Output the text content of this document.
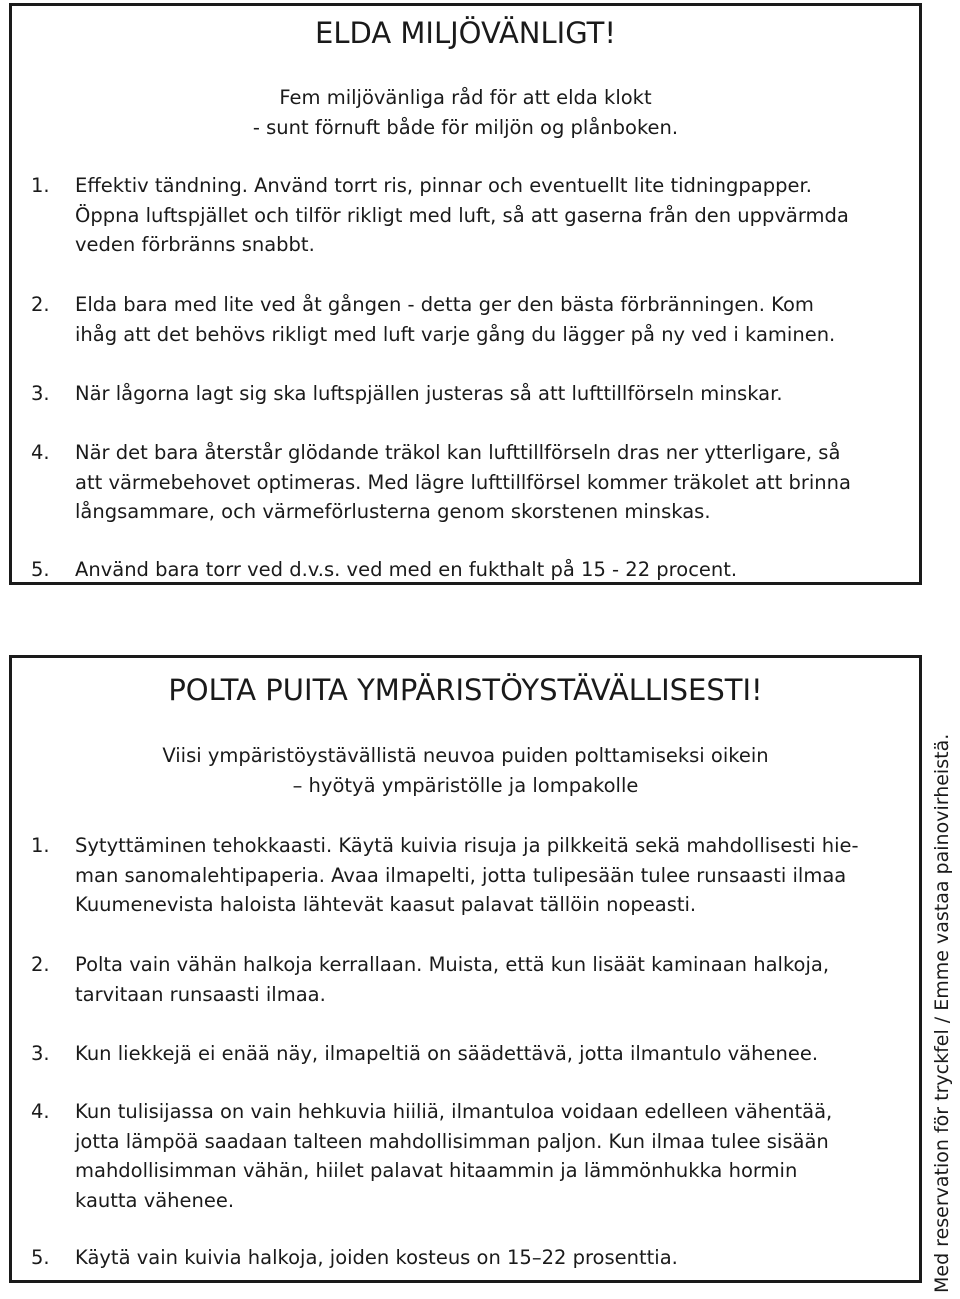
ELDA MILJÖVÄNLIGT!
Fem miljövänliga råd för att elda klokt
- sunt förnuft både för miljön og plånboken.
1.	Effektiv tändning. Använd torrt ris, pinnar och eventuellt lite tidningpapper.
Öppna luftspjället och tilför rikligt med luft, så att gaserna från den uppvärmda
veden förbränns snabbt.
2.	Elda bara med lite ved åt gången - detta ger den bästa förbränningen. Kom
ihåg att det behövs rikligt med luft varje gång du lägger på ny ved i kaminen.
3.	När lågorna lagt sig ska luftspjällen justeras så att lufttillförseln minskar.
4.	När det bara återstår glödande träkol kan lufttillförseln dras ner ytterligare, så
att värmebehovet optimeras. Med lägre lufttillförsel kommer träkolet att brinna
långsammare, och värmeförlusterna genom skorstenen minskas.
5.	Använd bara torr ved d.v.s. ved med en fukthalt på 15 - 22 procent.
POLTA PUITA YMPÄRISTÖYSTÄVÄLLISESTI!
Viisi ympäristöystävällistä neuvoa puiden polttamiseksi oikein
– hyötyä ympäristölle ja lompakolle
1.	Sytyttäminen tehokkaasti. Käytä kuivia risuja ja pilkkeitä sekä mahdollisesti hie-
man sanomalehtipaperia. Avaa ilmapelti, jotta tulipesään tulee runsaasti ilmaa
Kuumenevista haloista lähtevät kaasut palavat tällöin nopeasti.
2.	Polta vain vähän halkoja kerrallaan. Muista, että kun lisäät kaminaan halkoja,
tarvitaan runsaasti ilmaa.
3.	Kun liekkejä ei enää näy, ilmapeltiä on säädettävä, jotta ilmantulo vähenee.
4.	Kun tulisijassa on vain hehkuvia hiiliä, ilmantuloa voidaan edelleen vähentää,
jotta lämpöä saadaan talteen mahdollisimman paljon. Kun ilmaa tulee sisään
mahdollisimman vähän, hiilet palavat hitaammin ja lämmönhukka hormin
kautta vähenee.
5.	Käytä vain kuivia halkoja, joiden kosteus on 15–22 prosenttia.	Med reservation för tryckfel / Emme vastaa painovirheistä.
